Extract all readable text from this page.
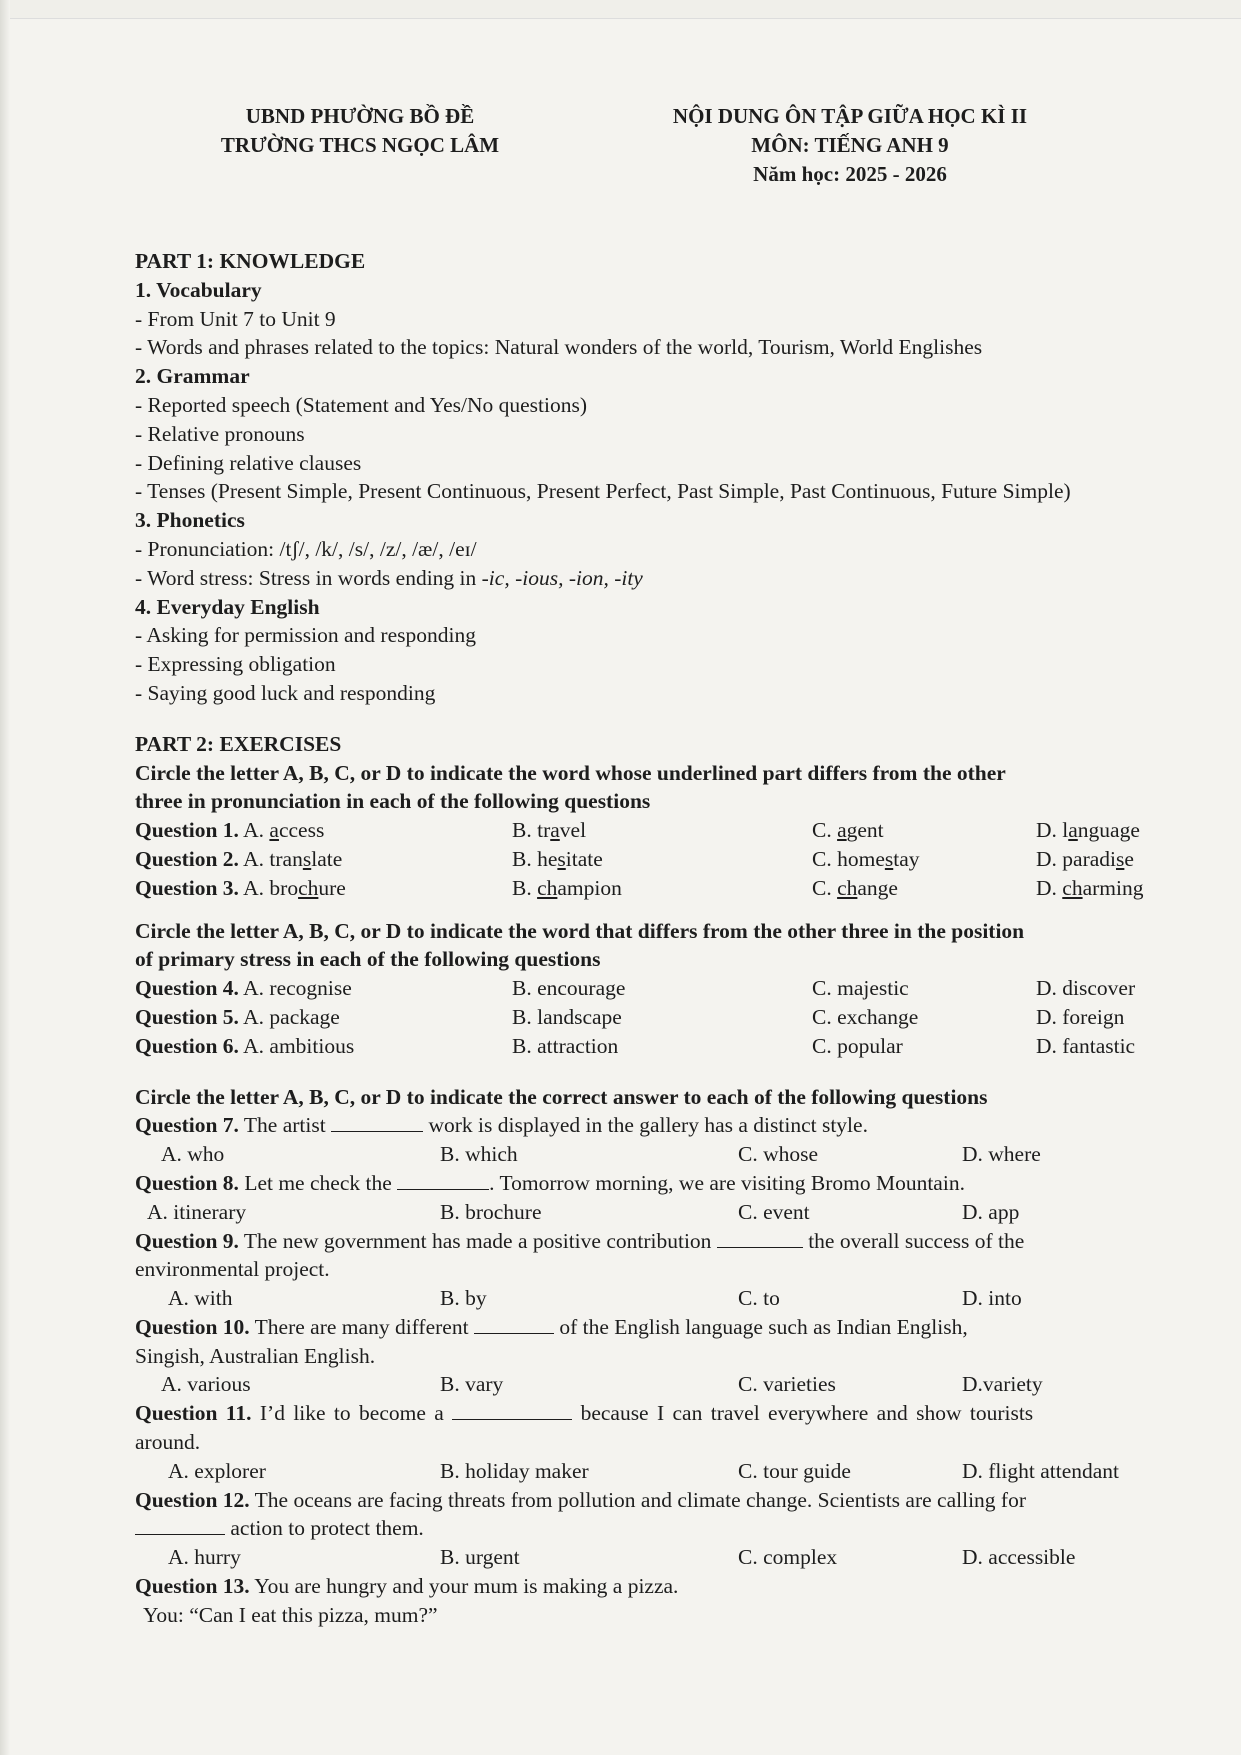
UBND PHƯỜNG BỒ ĐỀ
TRƯỜNG THCS NGỌC LÂM
NỘI DUNG ÔN TẬP GIỮA HỌC KÌ II
MÔN: TIẾNG ANH 9
Năm học: 2025 - 2026

PART 1: KNOWLEDGE

1. Vocabulary

- From Unit 7 to Unit 9

- Words and phrases related to the topics: Natural wonders of the world, Tourism, World Englishes

2. Grammar

- Reported speech (Statement and Yes/No questions)

- Relative pronouns

- Defining relative clauses

- Tenses (Present Simple, Present Continuous, Present Perfect, Past Simple, Past Continuous, Future Simple)

3. Phonetics

- Pronunciation: /tʃ/, /k/, /s/, /z/, /æ/, /eɪ/

- Word stress: Stress in words ending in -ic, -ious, -ion, -ity

4. Everyday English

- Asking for permission and responding

- Expressing obligation

- Saying good luck and responding

PART 2: EXERCISES

Circle the letter A, B, C, or D to indicate the word whose underlined part differs from the other
three in pronunciation in each of the following questions

Question 1. A. access	B. travel	C. agent	D. language
Question 2. A. translate	B. hesitate	C. homestay	D. paradise
Question 3. A. brochure	B. champion	C. change	D. charming

Circle the letter A, B, C, or D to indicate the word that differs from the other three in the position
of primary stress in each of the following questions

Question 4. A. recognise	B. encourage	C. majestic	D. discover
Question 5. A. package	B. landscape	C. exchange	D. foreign
Question 6. A. ambitious	B. attraction	C. popular	D. fantastic

Circle the letter A, B, C, or D to indicate the correct answer to each of the following questions

Question 7. The artist	work is displayed in the gallery has a distinct style.

A. who	B. which	C. whose	D. where

Question 8. Let me check the	. Tomorrow morning, we are visiting Bromo Mountain.

A. itinerary	B. brochure	C. event	D. app

Question 9. The new government has made a positive contribution	the overall success of the
environmental project.

A. with	B. by	C. to	D. into

Question 10. There are many different	of the English language such as Indian English,
Singish, Australian English.

A. various	B. vary	C. varieties	D.variety

Question 11. I’d like to become a	because I can travel everywhere and show tourists
around.

A. explorer	B. holiday maker	C. tour guide	D. flight attendant

Question 12. The oceans are facing threats from pollution and climate change. Scientists are calling for
action to protect them.

A. hurry	B. urgent	C. complex	D. accessible

Question 13. You are hungry and your mum is making a pizza.

You: “Can I eat this pizza, mum?”
